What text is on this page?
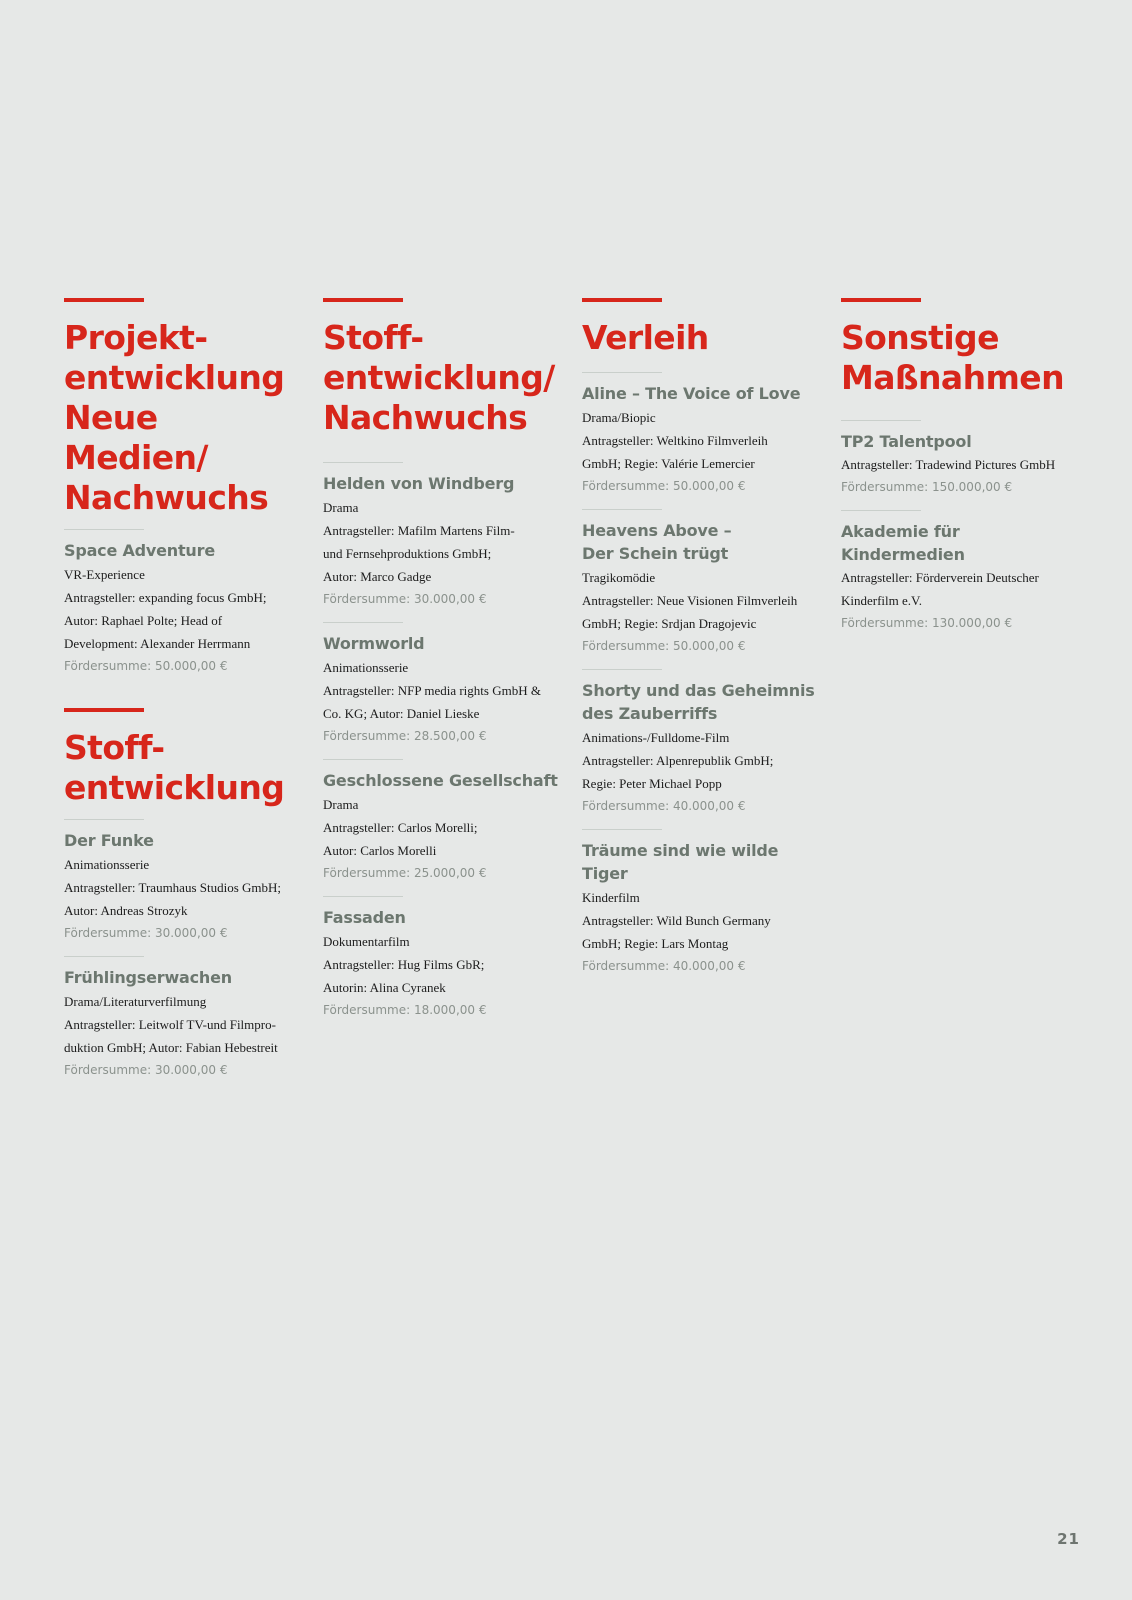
Projekt-
entwicklung
Neue Medien/
Nachwuchs
Space Adventure
VR-Experience
Antragsteller: expanding focus GmbH;
Autor: Raphael Polte; Head of
Development: Alexander Herrmann
Fördersumme: 50.000,00 €
Stoff-
entwicklung
Der Funke
Animationsserie
Antragsteller: Traumhaus Studios GmbH;
Autor: Andreas Strozyk
Fördersumme: 30.000,00 €
Frühlingserwachen
Drama/Literaturverfilmung
Antragsteller: Leitwolf TV-und Filmpro-
duktion GmbH; Autor: Fabian Hebestreit
Fördersumme: 30.000,00 €
Stoff-
entwicklung/
Nachwuchs
Helden von Windberg
Drama
Antragsteller: Mafilm Martens Film-
und Fernsehproduktions GmbH;
Autor: Marco Gadge
Fördersumme: 30.000,00 €
Wormworld
Animationsserie
Antragsteller: NFP media rights GmbH &
Co. KG; Autor: Daniel Lieske
Fördersumme: 28.500,00 €
Geschlossene Gesellschaft
Drama
Antragsteller: Carlos Morelli;
Autor: Carlos Morelli
Fördersumme: 25.000,00 €
Fassaden
Dokumentarfilm
Antragsteller: Hug Films GbR;
Autorin: Alina Cyranek
Fördersumme: 18.000,00 €
Verleih
Aline – The Voice of Love
Drama/Biopic
Antragsteller: Weltkino Filmverleih
GmbH; Regie: Valérie Lemercier
Fördersumme: 50.000,00 €
Heavens Above –
Der Schein trügt
Tragikomödie
Antragsteller: Neue Visionen Filmverleih
GmbH; Regie: Srdjan Dragojevic
Fördersumme: 50.000,00 €
Shorty und das Geheimnis
des Zauberriffs
Animations-/Fulldome-Film
Antragsteller: Alpenrepublik GmbH;
Regie: Peter Michael Popp
Fördersumme: 40.000,00 €
Träume sind wie wilde Tiger
Kinderfilm
Antragsteller: Wild Bunch Germany
GmbH; Regie: Lars Montag
Fördersumme: 40.000,00 €
Sonstige
Maßnahmen
TP2 Talentpool
Antragsteller: Tradewind Pictures GmbH
Fördersumme: 150.000,00 €
Akademie für Kindermedien
Antragsteller: Förderverein Deutscher
Kinderfilm e.V.
Fördersumme: 130.000,00 €
21
